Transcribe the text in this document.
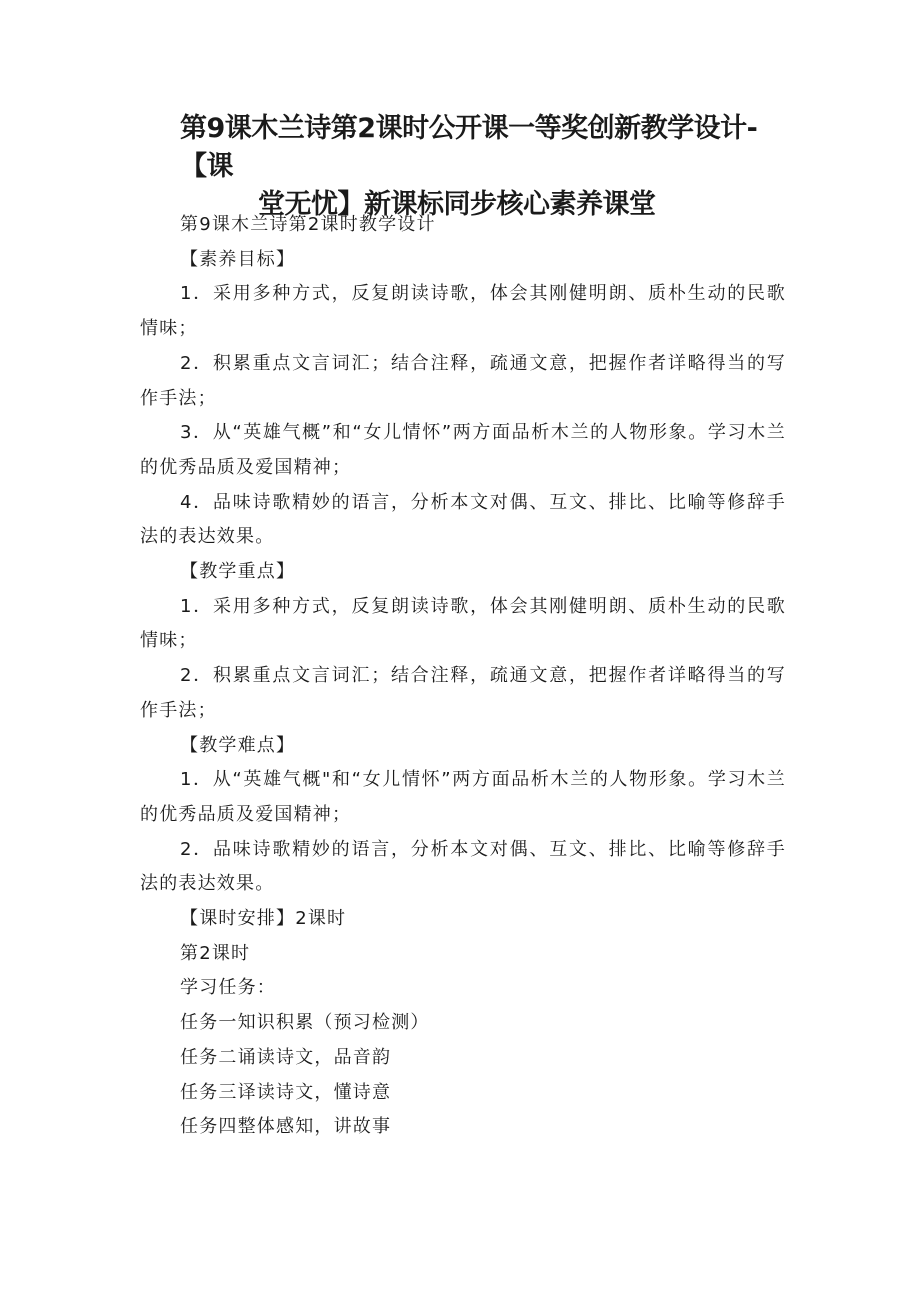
第9课木兰诗第2课时公开课一等奖创新教学设计-【课
堂无忧】新课标同步核心素养课堂

第9课木兰诗第2课时教学设计

【素养目标】

1．采用多种方式，反复朗读诗歌，体会其刚健明朗、质朴生动的民歌情味；

2．积累重点文言词汇；结合注释，疏通文意，把握作者详略得当的写作手法；

3．从“英雄气概”和“女儿情怀”两方面品析木兰的人物形象。学习木兰的优秀品质及爱国精神；

4．品味诗歌精妙的语言，分析本文对偶、互文、排比、比喻等修辞手法的表达效果。

【教学重点】

1．采用多种方式，反复朗读诗歌，体会其刚健明朗、质朴生动的民歌情味；

2．积累重点文言词汇；结合注释，疏通文意，把握作者详略得当的写作手法；

【教学难点】

1．从“英雄气概"和“女儿情怀”两方面品析木兰的人物形象。学习木兰的优秀品质及爱国精神；

2．品味诗歌精妙的语言，分析本文对偶、互文、排比、比喻等修辞手法的表达效果。

【课时安排】2课时

第2课时

学习任务：

任务一知识积累（预习检测）

任务二诵读诗文，品音韵

任务三译读诗文，懂诗意

任务四整体感知，讲故事
